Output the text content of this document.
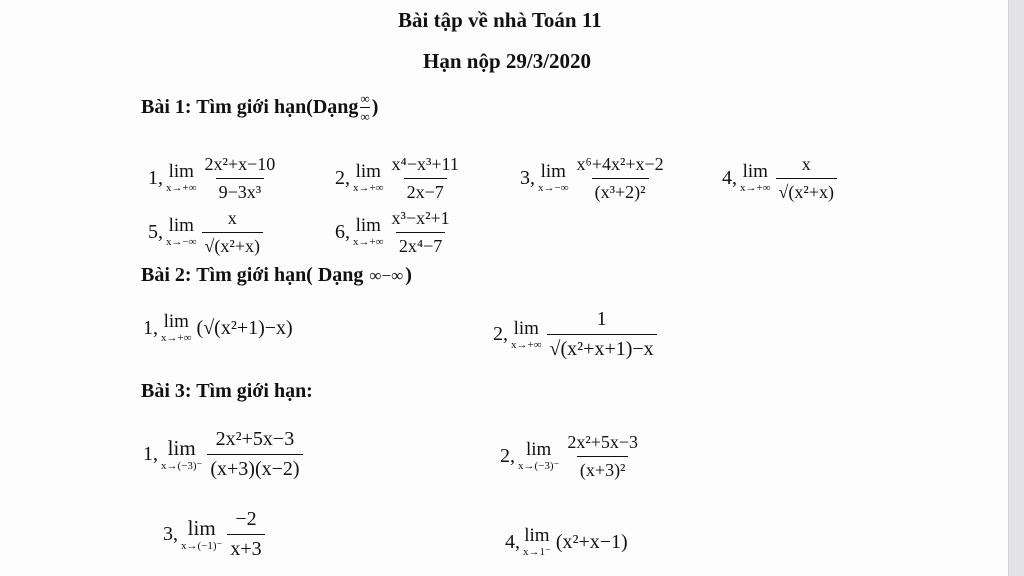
Bài tập về nhà Toán 11
Hạn nộp 29/3/2020
Bài 1: Tìm giới hạn(Dạng $\frac{\infty}{\infty}$ )
1, lim
$x\to+\infty \frac{\text{2x²+x−10}}{\text{9−3x³}}$	2, lim
$x\to+\infty \frac{\text{x⁴−x³+11}}{2x-7}$	3, lim
$x\to-\infty \frac{\text{x⁶+4x²+x−2}}{\text{(x³+2)²}}$	4, lim
$x\to+\infty \frac{x}{\text{√(x²+x)}}$
5, lim
$x\to-\infty \frac{x}{\text{√(x²+x)}}$	6, lim
$x\to+\infty \frac{\text{x³−x²+1}}{\text{2x⁴−7}}$
Bài 2: Tìm giới hạn( Dạng ∞−∞ )
1, lim
x→+∞ (√(x²+1)−x)	2, lim
$x\to+\infty \frac{1}{\text{√(x²+x+1)−x}}$
Bài 3: Tìm giới hạn:
1, lim
$x\to(-3)^- \frac{\text{2x²+5x−3}}{(x+3)(x-2)}$	2, lim
$x\to(-3)^- \frac{\text{2x²+5x−3}}{\text{(x+3)²}}$
3, lim
$x\to(-1)^- \frac{-2}{x+3}$	4, lim
x→1⁻ (x²+x−1)
